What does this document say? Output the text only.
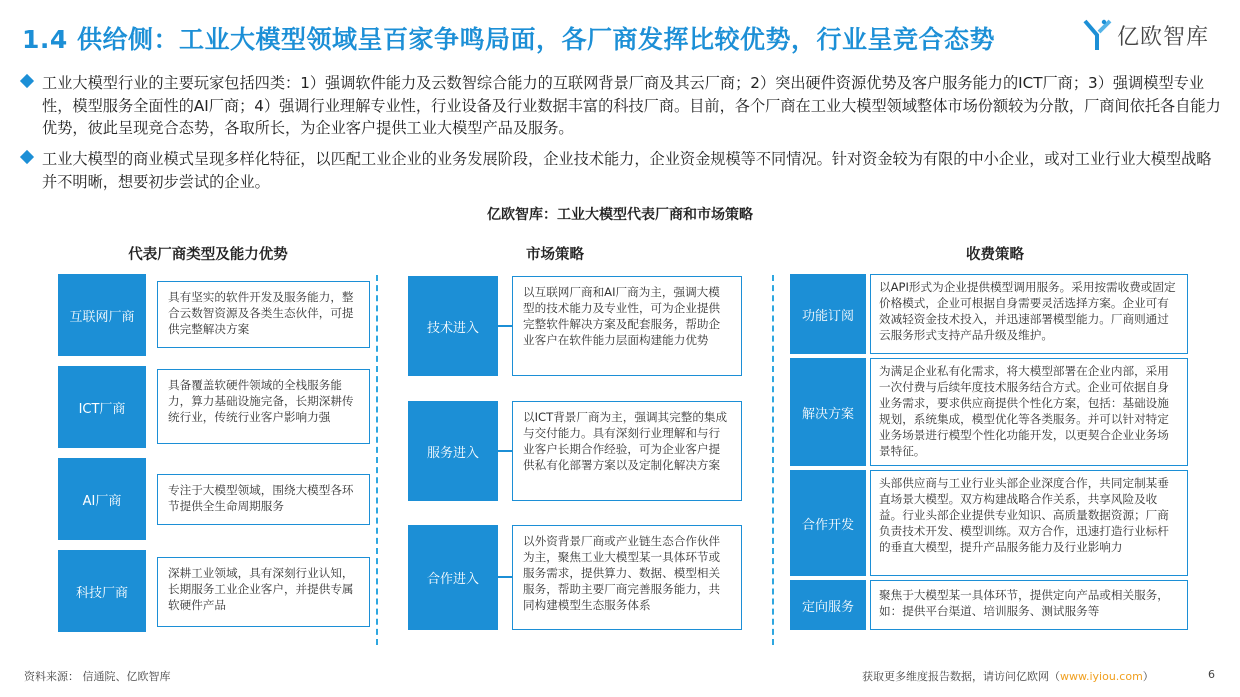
1.4 供给侧：工业大模型领域呈百家争鸣局面，各厂商发挥比较优势，行业呈竞合态势	亿欧智库
工业大模型行业的主要玩家包括四类：1）强调软件能力及云数智综合能力的互联网背景厂商及其云厂商；2）突出硬件资源优势及客户服务能力的ICT厂商；3）强调模型专业性，模型服务全面性的AI厂商；4）强调行业理解专业性，行业设备及行业数据丰富的科技厂商。目前，各个厂商在工业大模型领域整体市场份额较为分散，厂商间依托各自能力优势，彼此呈现竞合态势，各取所长，为企业客户提供工业大模型产品及服务。
工业大模型的商业模式呈现多样化特征，以匹配工业企业的业务发展阶段，企业技术能力，企业资金规模等不同情况。针对资金较为有限的中小企业，或对工业行业大模型战略并不明晰，想要初步尝试的企业。
亿欧智库：工业大模型代表厂商和市场策略
代表厂商类型及能力优势	市场策略	收费策略
互联网厂商
具有坚实的软件开发及服务能力，整合云数智资源及各类生态伙伴，可提供完整解决方案
ICT厂商
具备覆盖软硬件领域的全栈服务能力，算力基础设施完备，长期深耕传统行业，传统行业客户影响力强
AI厂商
专注于大模型领域，围绕大模型各环节提供全生命周期服务
科技厂商
深耕工业领域，具有深刻行业认知，长期服务工业企业客户，并提供专属软硬件产品
技术进入
以互联网厂商和AI厂商为主，强调大模型的技术能力及专业性，可为企业提供完整软件解决方案及配套服务，帮助企业客户在软件能力层面构建能力优势
服务进入
以ICT背景厂商为主，强调其完整的集成与交付能力。具有深刻行业理解和与行业客户长期合作经验，可为企业客户提供私有化部署方案以及定制化解决方案
合作进入
以外资背景厂商或产业链生态合作伙伴为主，聚焦工业大模型某一具体环节或服务需求，提供算力、数据、模型相关服务，帮助主要厂商完善服务能力，共同构建模型生态服务体系
功能订阅
以API形式为企业提供模型调用服务。采用按需收费或固定价格模式，企业可根据自身需要灵活选择方案。企业可有效减轻资金技术投入，并迅速部署模型能力。厂商则通过云服务形式支持产品升级及维护。
解决方案
为满足企业私有化需求，将大模型部署在企业内部，采用一次付费与后续年度技术服务结合方式。企业可依据自身业务需求，要求供应商提供个性化方案，包括：基础设施规划，系统集成，模型优化等各类服务。并可以针对特定业务场景进行模型个性化功能开发，以更契合企业业务场景特征。
合作开发
头部供应商与工业行业头部企业深度合作，共同定制某垂直场景大模型。双方构建战略合作关系，共享风险及收益。行业头部企业提供专业知识、高质量数据资源；厂商负责技术开发、模型训练。双方合作，迅速打造行业标杆的垂直大模型，提升产品服务能力及行业影响力
定向服务
聚焦于大模型某一具体环节，提供定向产品或相关服务，如：提供平台渠道、培训服务、测试服务等
资料来源： 信通院、亿欧智库	获取更多维度报告数据，请访问亿欧网（www.iyiou.com）	6
